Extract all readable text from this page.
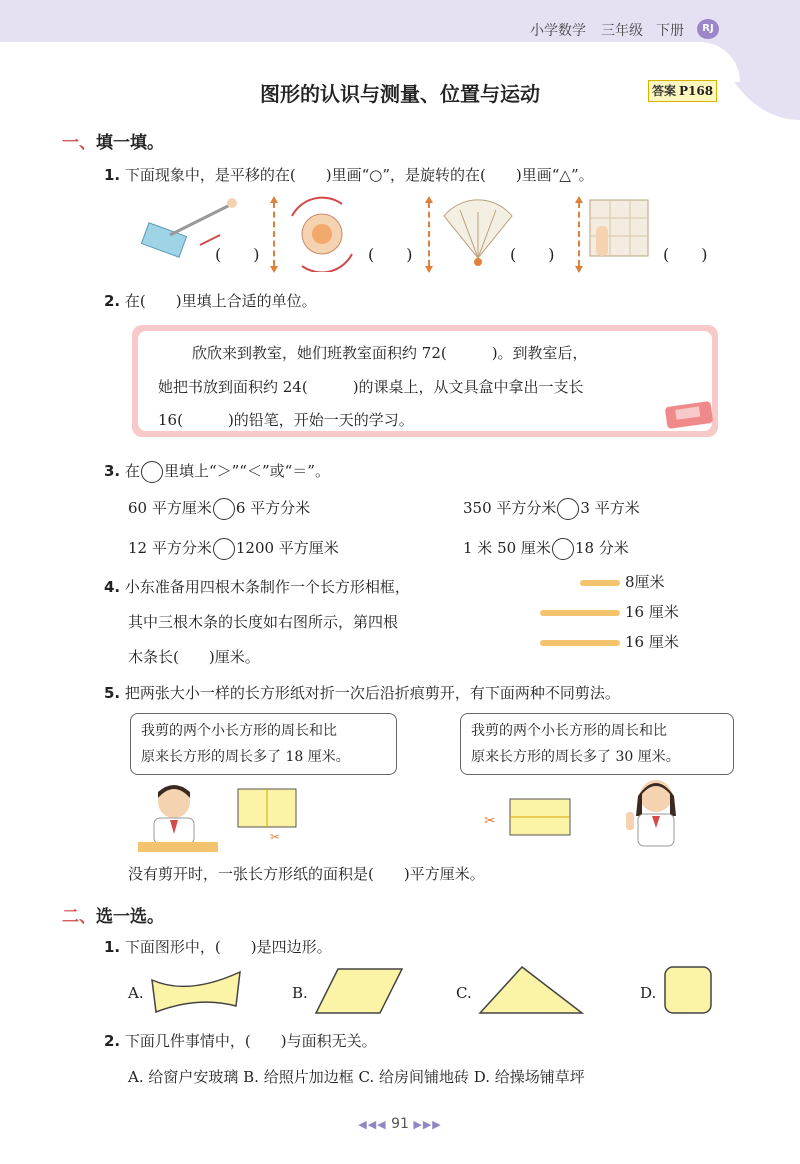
小学数学 三年级 下册	RJ
图形的认识与测量、位置与运动	答案 P168
一、填一填。
1. 下面现象中，是平移的在(　　)里画“○”，是旋转的在(　　)里画“△”。
(　　)	(　　)	(　　)	(　　)
2. 在(　　)里填上合适的单位。
欣欣来到教室，她们班教室面积约 72(　　　)。到教室后，
她把书放到面积约 24(　　　)的课桌上，从文具盒中拿出一支长
16(　　　)的铅笔，开始一天的学习。
3. 在 里填上“＞”“＜”或“＝”。
60 平方厘米 6 平方分米	350 平方分米 3 平方米
12 平方分米 1200 平方厘米	1 米 50 厘米 18 分米
4. 小东准备用四根木条制作一个长方形相框，
其中三根木条的长度如右图所示，第四根
木条长(　　)厘米。
8厘米
16 厘米
16 厘米
5. 把两张大小一样的长方形纸对折一次后沿折痕剪开，有下面两种不同剪法。
我剪的两个小长方形的周长和比
原来长方形的周长多了 18 厘米。
我剪的两个小长方形的周长和比
原来长方形的周长多了 30 厘米。
✂
✂
没有剪开时，一张长方形纸的面积是(　　)平方厘米。
二、选一选。
1. 下面图形中，(　　)是四边形。
A.	B.	C.	D.
2. 下面几件事情中，(　　)与面积无关。
A. 给窗户安玻璃 B. 给照片加边框 C. 给房间铺地砖 D. 给操场铺草坪
◀◀◀ 91 ▶▶▶
